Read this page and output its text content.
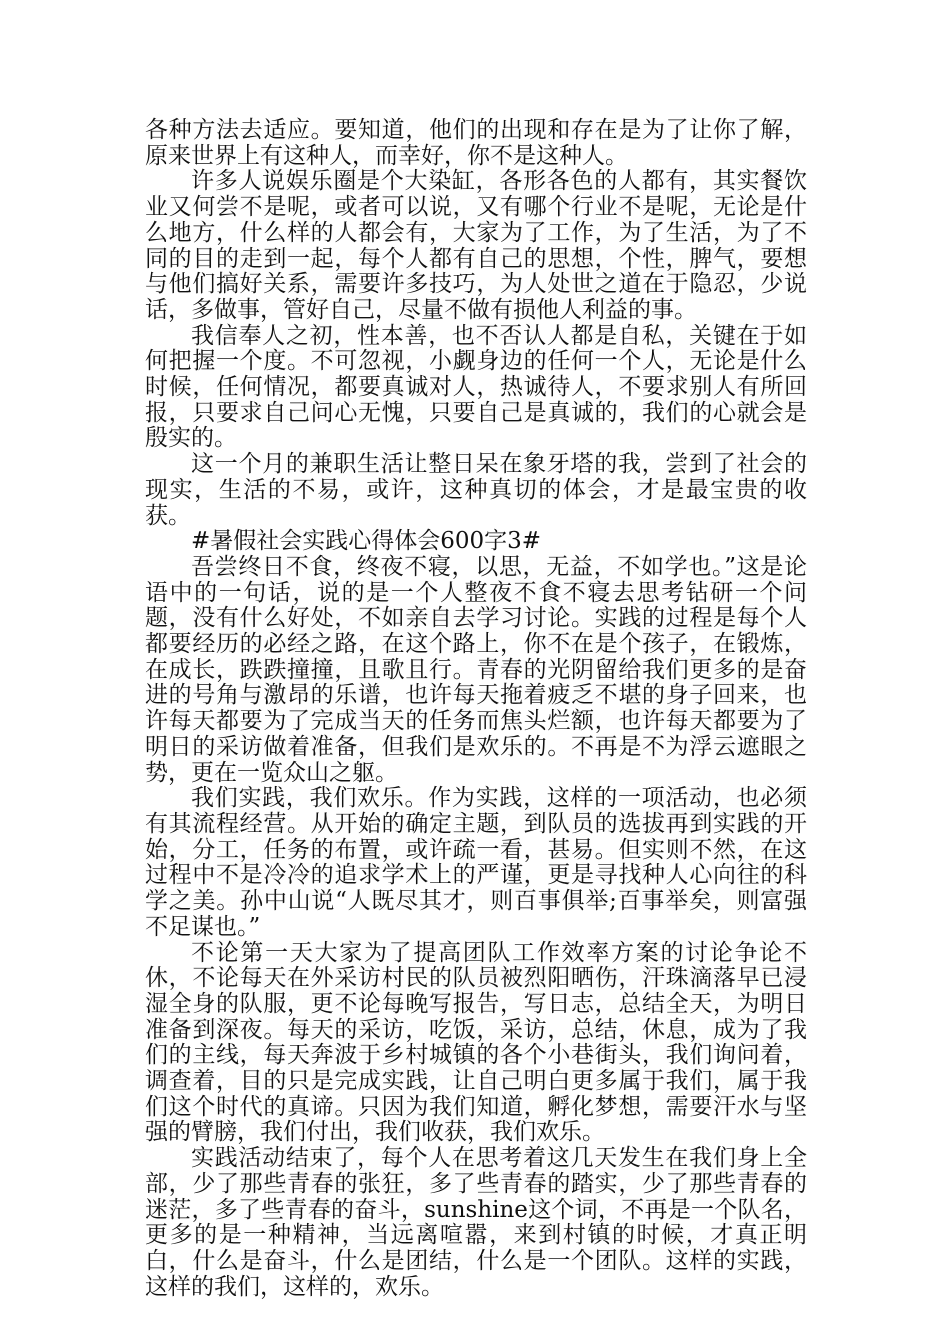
各种方法去适应。要知道，他们的出现和存在是为了让你了解，原来世界上有这种人，而幸好，你不是这种人。

许多人说娱乐圈是个大染缸，各形各色的人都有，其实餐饮业又何尝不是呢，或者可以说，又有哪个行业不是呢，无论是什么地方，什么样的人都会有，大家为了工作，为了生活，为了不同的目的走到一起，每个人都有自己的思想，个性，脾气，要想与他们搞好关系，需要许多技巧，为人处世之道在于隐忍，少说话，多做事，管好自己，尽量不做有损他人利益的事。

我信奉人之初，性本善，也不否认人都是自私，关键在于如何把握一个度。不可忽视，小觑身边的任何一个人，无论是什么时候，任何情况，都要真诚对人，热诚待人，不要求别人有所回报，只要求自己问心无愧，只要自己是真诚的，我们的心就会是殷实的。

这一个月的兼职生活让整日呆在象牙塔的我，尝到了社会的现实，生活的不易，或许，这种真切的体会，才是最宝贵的收获。

#暑假社会实践心得体会600字3#

吾尝终日不食，终夜不寝，以思，无益，不如学也。”这是论语中的一句话，说的是一个人整夜不食不寝去思考钻研一个问题，没有什么好处，不如亲自去学习讨论。实践的过程是每个人都要经历的必经之路，在这个路上，你不在是个孩子，在锻炼，在成长，跌跌撞撞，且歌且行。青春的光阴留给我们更多的是奋进的号角与激昂的乐谱，也许每天拖着疲乏不堪的身子回来，也许每天都要为了完成当天的任务而焦头烂额，也许每天都要为了明日的采访做着准备，但我们是欢乐的。不再是不为浮云遮眼之势，更在一览众山之躯。

我们实践，我们欢乐。作为实践，这样的一项活动，也必须有其流程经营。从开始的确定主题，到队员的选拔再到实践的开始，分工，任务的布置，或许疏一看，甚易。但实则不然，在这过程中不是冷冷的追求学术上的严谨，更是寻找种人心向往的科学之美。孙中山说“人既尽其才，则百事俱举;百事举矣，则富强不足谋也。”

不论第一天大家为了提高团队工作效率方案的讨论争论不休，不论每天在外采访村民的队员被烈阳晒伤，汗珠滴落早已浸湿全身的队服，更不论每晚写报告，写日志，总结全天，为明日准备到深夜。每天的采访，吃饭，采访，总结，休息，成为了我们的主线，每天奔波于乡村城镇的各个小巷街头，我们询问着，调查着，目的只是完成实践，让自己明白更多属于我们，属于我们这个时代的真谛。只因为我们知道，孵化梦想，需要汗水与坚强的臂膀，我们付出，我们收获，我们欢乐。

实践活动结束了，每个人在思考着这几天发生在我们身上全部，少了那些青春的张狂，多了些青春的踏实，少了那些青春的迷茫，多了些青春的奋斗，sunshine这个词，不再是一个队名，更多的是一种精神，当远离喧嚣，来到村镇的时候，才真正明白，什么是奋斗，什么是团结，什么是一个团队。这样的实践，这样的我们，这样的，欢乐。
